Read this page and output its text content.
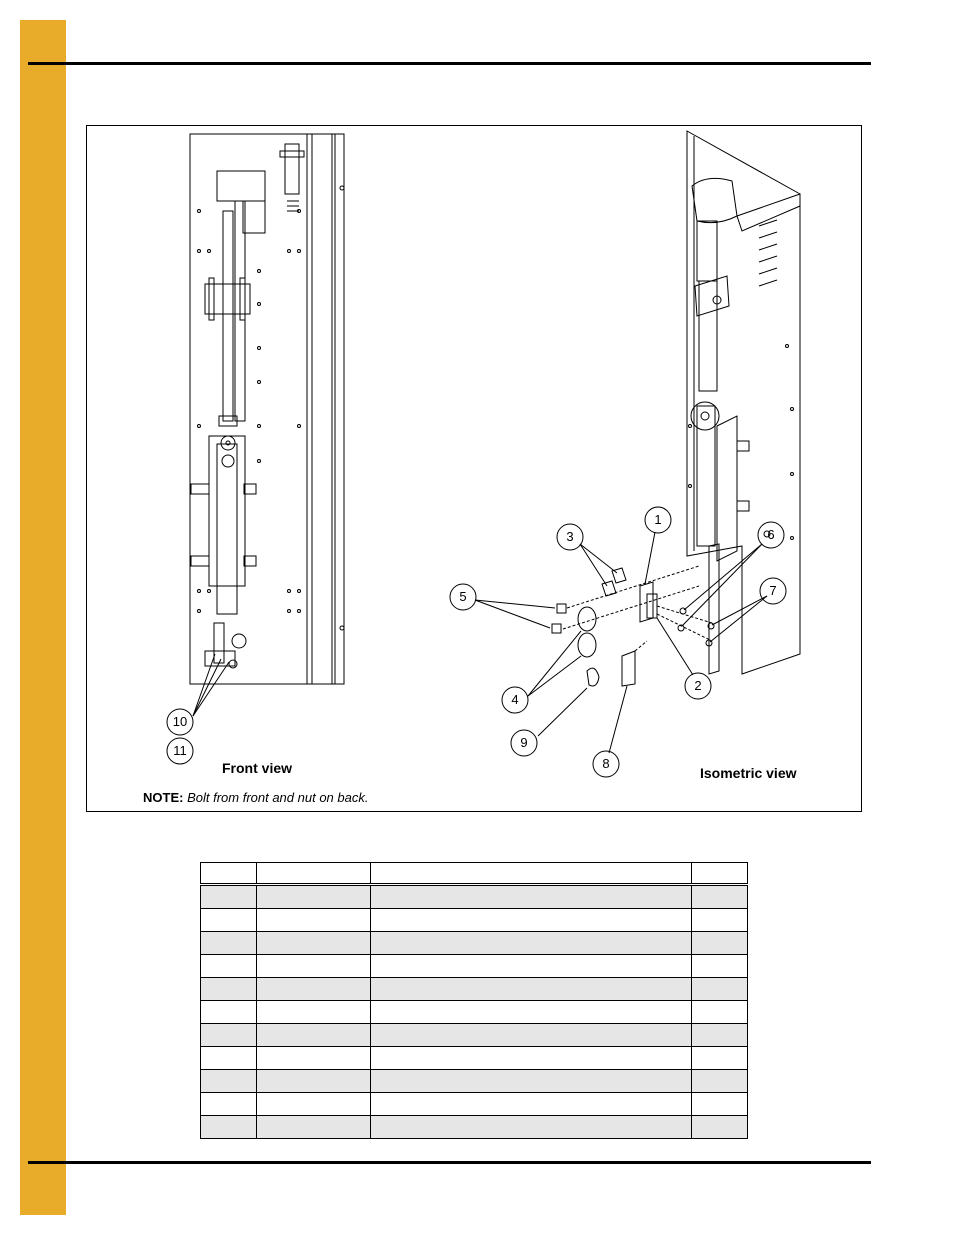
10
11
1
2
3
4
5
6
7
8
9
Front view	Isometric view
NOTE: Bolt from front and nut on back.
